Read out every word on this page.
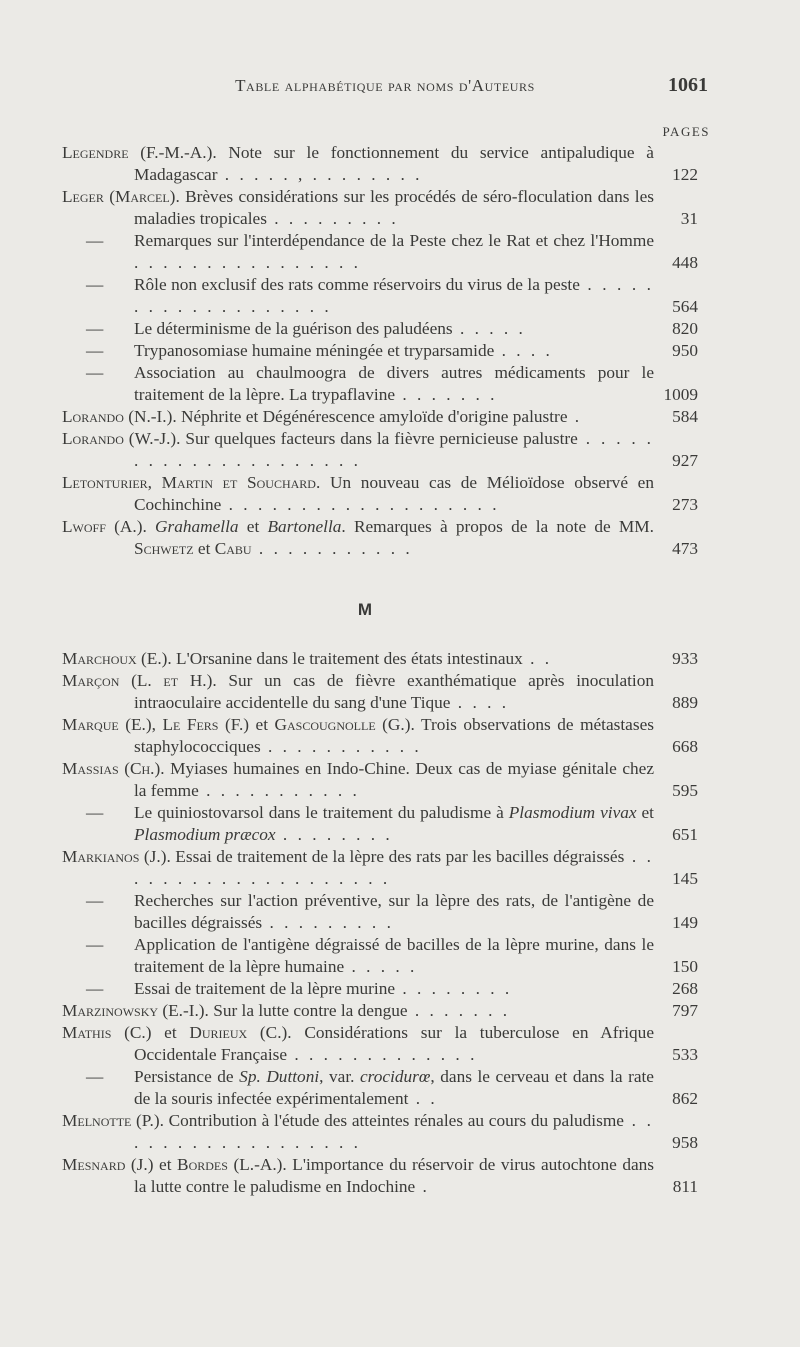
Table alphabétique par noms d'Auteurs	1061
PAGES
Legendre (F.-M.-A.). Note sur le fonctionnement du service antipaludique à Madagascar . . . . . , . . . . . . . .	122
Leger (Marcel). Brèves considérations sur les procédés de séro-floculation dans les maladies tropicales . . . . . . . . .	31
— Remarques sur l'interdépendance de la Peste chez le Rat et chez l'Homme . . . . . . . . . . . . . . . .	448
— Rôle non exclusif des rats comme réservoirs du virus de la peste . . . . . . . . . . . . . . . . . . .	564
— Le déterminisme de la guérison des paludéens . . . . .	820
— Trypanosomiase humaine méningée et tryparsamide . . . .	950
— Association au chaulmoogra de divers autres médicaments pour le traitement de la lèpre. La trypaflavine . . . . . . .	1009
Lorando (N.-I.). Néphrite et Dégénérescence amyloïde d'origine palustre .	584
Lorando (W.-J.). Sur quelques facteurs dans la fièvre pernicieuse palustre . . . . . . . . . . . . . . . . . . . . .	927
Letonturier, Martin et Souchard. Un nouveau cas de Mélioïdose observé en Cochinchine . . . . . . . . . . . . . . . . . . .	273
Lwoff (A.). Grahamella et Bartonella. Remarques à propos de la note de MM. Schwetz et Cabu . . . . . . . . . . .	473
M
Marchoux (E.). L'Orsanine dans le traitement des états intestinaux . .	933
Marçon (L. et H.). Sur un cas de fièvre exanthématique après inoculation intraoculaire accidentelle du sang d'une Tique . . . .	889
Marque (E.), Le Fers (F.) et Gascougnolle (G.). Trois observations de métastases staphylococciques . . . . . . . . . . .	668
Massias (Ch.). Myiases humaines en Indo-Chine. Deux cas de myiase génitale chez la femme . . . . . . . . . . .	595
— Le quiniostovarsol dans le traitement du paludisme à Plasmodium vivax et Plasmodium præcox . . . . . . . .	651
Markianos (J.). Essai de traitement de la lèpre des rats par les bacilles dégraissés . . . . . . . . . . . . . . . . . . . .	145
— Recherches sur l'action préventive, sur la lèpre des rats, de l'antigène de bacilles dégraissés . . . . . . . . .	149
— Application de l'antigène dégraissé de bacilles de la lèpre murine, dans le traitement de la lèpre humaine . . . . .	150
— Essai de traitement de la lèpre murine . . . . . . . .	268
Marzinowsky (E.-I.). Sur la lutte contre la dengue . . . . . . .	797
Mathis (C.) et Durieux (C.). Considérations sur la tuberculose en Afrique Occidentale Française . . . . . . . . . . . . .	533
— Persistance de Sp. Duttoni, var. crocidurœ, dans le cerveau et dans la rate de la souris infectée expérimentalement . .	862
Melnotte (P.). Contribution à l'étude des atteintes rénales au cours du paludisme . . . . . . . . . . . . . . . . . .	958
Mesnard (J.) et Bordes (L.-A.). L'importance du réservoir de virus autochtone dans la lutte contre le paludisme en Indochine .	811
